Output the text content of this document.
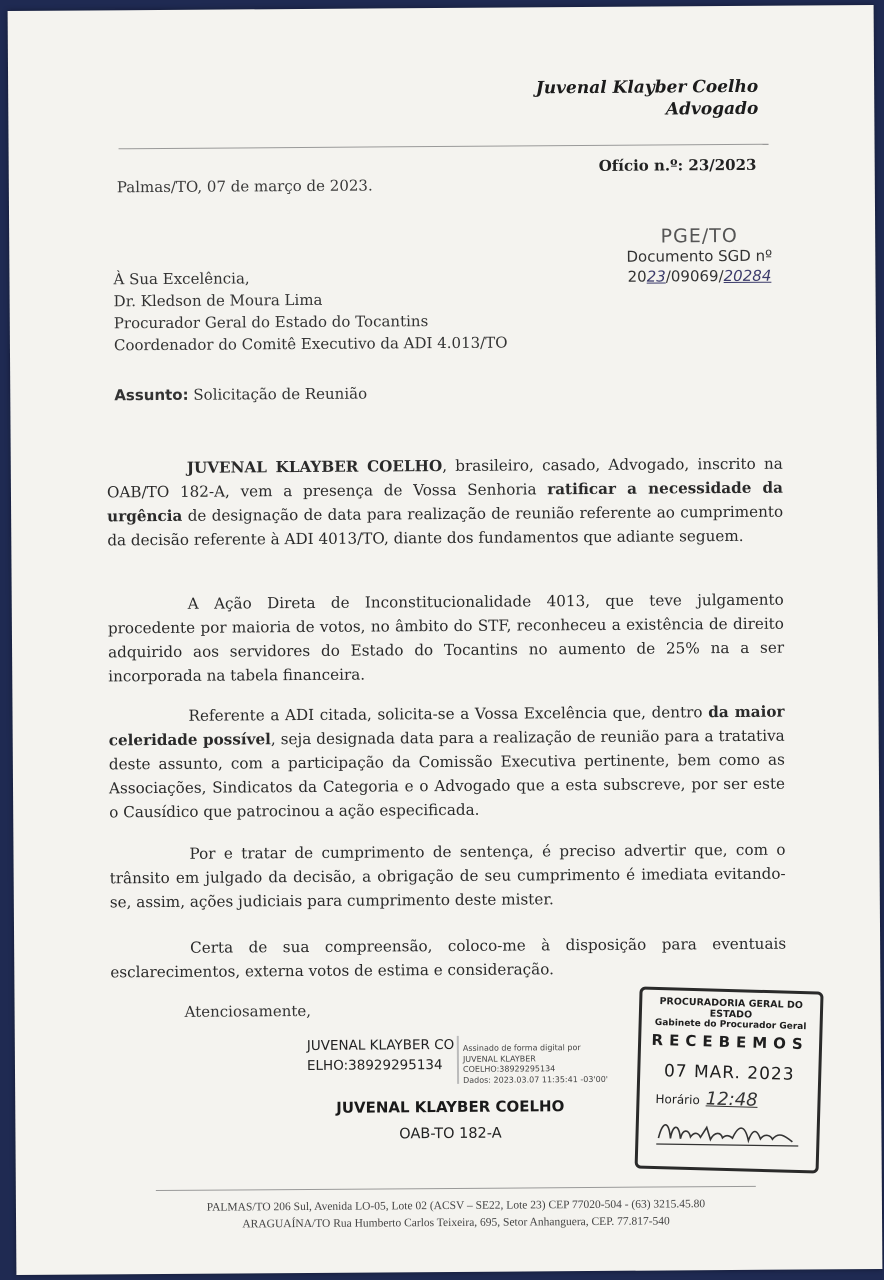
Juvenal Klayber Coelho
Advogado
Ofício n.º: 23/2023
Palmas/TO, 07 de março de 2023.
PGE/TO
Documento SGD nº
2023/09069/20284
À Sua Excelência,
Dr. Kledson de Moura Lima
Procurador Geral do Estado do Tocantins
Coordenador do Comitê Executivo da ADI 4.013/TO
Assunto: Solicitação de Reunião
JUVENAL KLAYBER COELHO, brasileiro, casado, Advogado, inscrito na OAB/TO 182-A, vem a presença de Vossa Senhoria ratificar a necessidade da urgência de designação de data para realização de reunião referente ao cumprimento da decisão referente à ADI 4013/TO, diante dos fundamentos que adiante seguem.
A Ação Direta de Inconstitucionalidade 4013, que teve julgamento procedente por maioria de votos, no âmbito do STF, reconheceu a existência de direito adquirido aos servidores do Estado do Tocantins no aumento de 25% na a ser incorporada na tabela financeira.
Referente a ADI citada, solicita-se a Vossa Excelência que, dentro da maior celeridade possível, seja designada data para a realização de reunião para a tratativa deste assunto, com a participação da Comissão Executiva pertinente, bem como as Associações, Sindicatos da Categoria e o Advogado que a esta subscreve, por ser este o Causídico que patrocinou a ação especificada.
Por e tratar de cumprimento de sentença, é preciso advertir que, com o trânsito em julgado da decisão, a obrigação de seu cumprimento é imediata evitando-se, assim, ações judiciais para cumprimento deste mister.
Certa de sua compreensão, coloco-me à disposição para eventuais esclarecimentos, externa votos de estima e consideração.
Atenciosamente,
JUVENAL KLAYBER COELHO:38929295134
Assinado de forma digital por
JUVENAL KLAYBER
COELHO:38929295134
Dados: 2023.03.07 11:35:41 -03'00'
JUVENAL KLAYBER COELHO
OAB-TO 182-A
PROCURADORIA GERAL DO ESTADO
Gabinete do Procurador Geral
RECEBEMOS
07 MAR. 2023
Horário 12:48
PALMAS/TO 206 Sul, Avenida LO-05, Lote 02 (ACSV – SE22, Lote 23) CEP 77020-504 - (63) 3215.45.80
ARAGUAÍNA/TO Rua Humberto Carlos Teixeira, 695, Setor Anhanguera, CEP. 77.817-540
